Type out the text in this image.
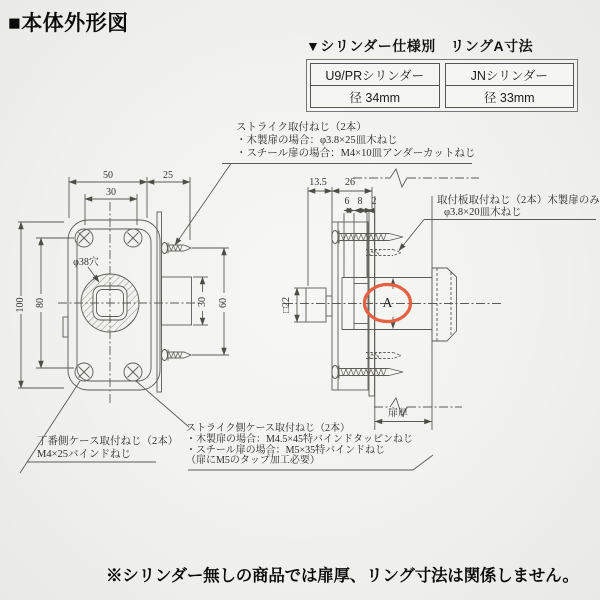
■本体外形図
▼シリンダー仕様別　リングА寸法
U9/PRシリンダー
径 34mm
JNシリンダー
径 33mm
50
30
25
100 80
φ38穴
30 60
13.5 26
6 8 2
□22	A
扉厚
ストライク取付ねじ（2本）
・木製扉の場合：φ3.8×25皿木ねじ
・スチール扉の場合：M4×10皿アンダーカットねじ
取付板取付ねじ（2本）木製扉のみ
φ3.8×20皿木ねじ
丁番側ケース取付ねじ（2本）
M4×25バインドねじ
ストライク側ケース取付ねじ（2本）
・木製扉の場合：M4.5×45特バインドタッピンねじ
・スチール扉の場合：M5×35特バインドねじ
（扉にM5のタップ加工必要）
※シリンダー無しの商品では扉厚、リング寸法は関係しません。
